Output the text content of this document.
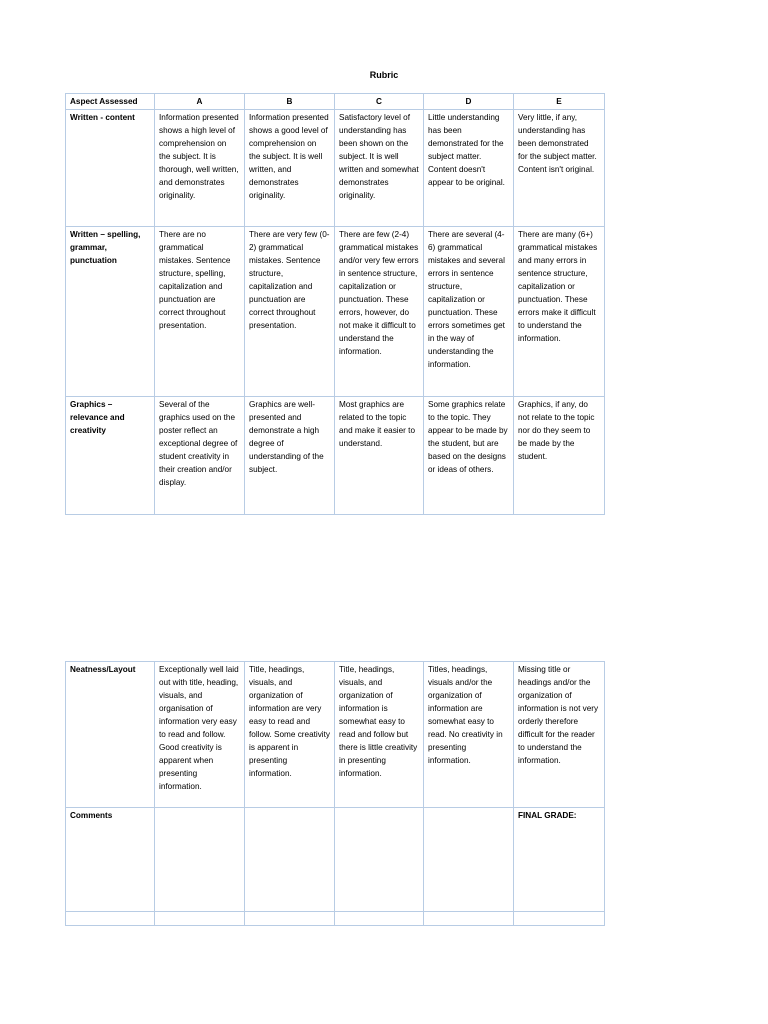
Rubric
Aspect Assessed	A	B	C	D	E
Written - content	Information presented shows a high level of comprehension on the subject. It is thorough, well written, and demonstrates originality.	Information presented shows a good level of comprehension on the subject. It is well written, and demonstrates originality.	Satisfactory level of understanding has been shown on the subject. It is well written and somewhat demonstrates originality.	Little understanding has been demonstrated for the subject matter. Content doesn't appear to be original.	Very little, if any, understanding has been demonstrated for the subject matter. Content isn't original.
Written – spelling, grammar, punctuation	There are no grammatical mistakes. Sentence structure, spelling, capitalization and punctuation are correct throughout presentation.	There are very few (0-2) grammatical mistakes. Sentence structure, capitalization and punctuation are correct throughout presentation.	There are few (2-4) grammatical mistakes and/or very few errors in sentence structure, capitalization or punctuation. These errors, however, do not make it difficult to understand the information.	There are several (4-6) grammatical mistakes and several errors in sentence structure, capitalization or punctuation. These errors sometimes get in the way of understanding the information.	There are many (6+) grammatical mistakes and many errors in sentence structure, capitalization or punctuation. These errors make it difficult to understand the information.
Graphics – relevance and creativity	Several of the graphics used on the poster reflect an exceptional degree of student creativity in their creation and/or display.	Graphics are well-presented and demonstrate a high degree of understanding of the subject.	Most graphics are related to the topic and make it easier to understand.	Some graphics relate to the topic. They appear to be made by the student, but are based on the designs or ideas of others.	Graphics, if any, do not relate to the topic nor do they seem to be made by the student.
Neatness/Layout	Exceptionally well laid out with title, heading, visuals, and organisation of information very easy to read and follow. Good creativity is apparent when presenting information.	Title, headings, visuals, and organization of information are very easy to read and follow. Some creativity is apparent in presenting information.	Title, headings, visuals, and organization of information is somewhat easy to read and follow but there is little creativity in presenting information.	Titles, headings, visuals and/or the organization of information are somewhat easy to read. No creativity in presenting information.	Missing title or headings and/or the organization of information is not very orderly therefore difficult for the reader to understand the information.
Comments					FINAL GRADE:
